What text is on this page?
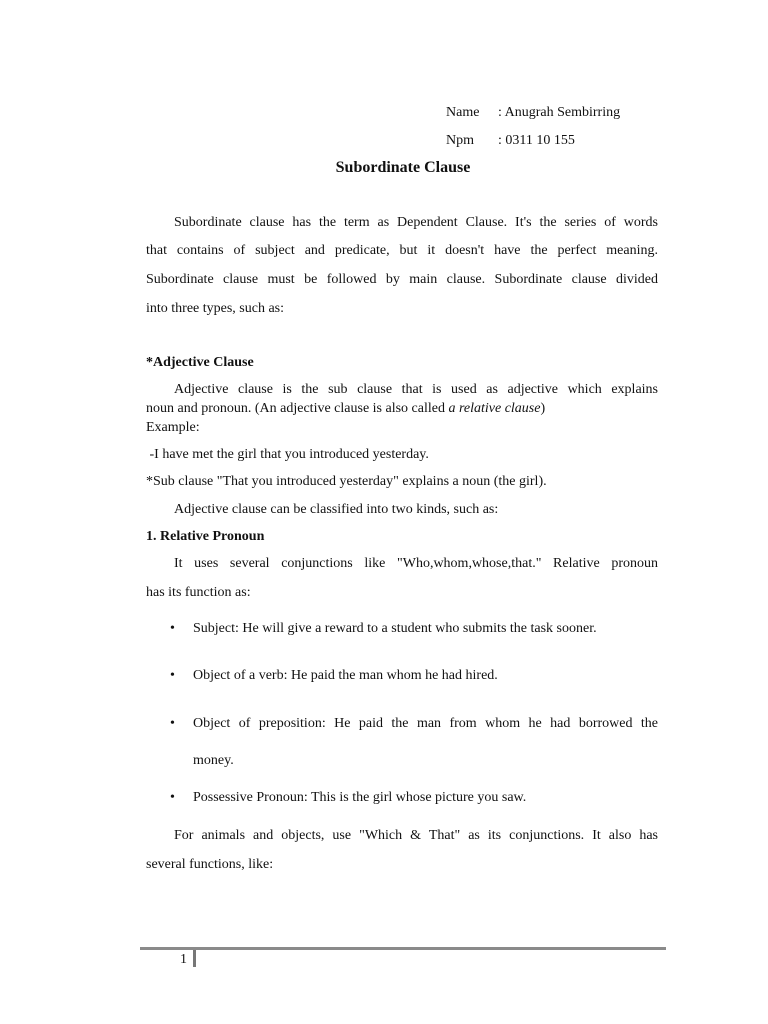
Name : Anugrah Sembirring
Npm : 0311 10 155
Subordinate Clause
Subordinate clause has the term as Dependent Clause. It's the series of words
that contains of subject and predicate, but it doesn't have the perfect meaning.
Subordinate clause must be followed by main clause. Subordinate clause divided
into three types, such as:
*Adjective Clause
Adjective clause is the sub clause that is used as adjective which explains
noun and pronoun. (An adjective clause is also called a relative clause)
Example:
-I have met the girl that you introduced yesterday.
*Sub clause "That you introduced yesterday" explains a noun (the girl).
Adjective clause can be classified into two kinds, such as:
1. Relative Pronoun
It uses several conjunctions like "Who,whom,whose,that." Relative pronoun
has its function as:
• Subject: He will give a reward to a student who submits the task sooner.
• Object of a verb: He paid the man whom he had hired.
• Object of preposition: He paid the man from whom he had borrowed the
money.
• Possessive Pronoun: This is the girl whose picture you saw.
For animals and objects, use "Which & That" as its conjunctions. It also has
several functions, like:
1
